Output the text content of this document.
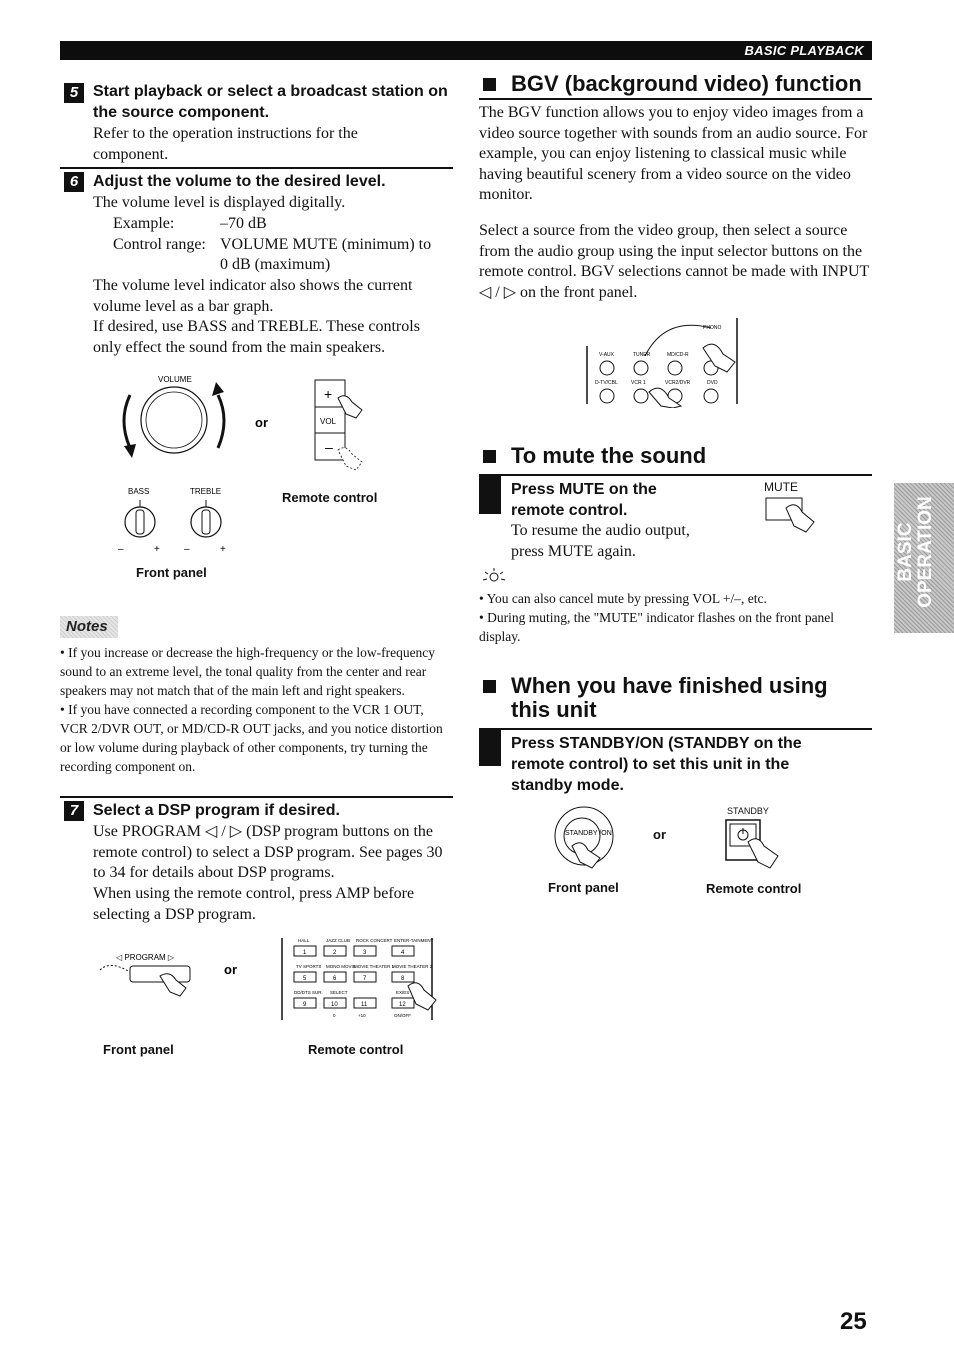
BASIC PLAYBACK
5 Start playback or select a broadcast station on the source component.
Refer to the operation instructions for the component.
6 Adjust the volume to the desired level.
The volume level is displayed digitally.
Example:	–70 dB
Control range: VOLUME MUTE (minimum) to
0 dB (maximum)
The volume level indicator also shows the current volume level as a bar graph.
If desired, use BASS and TREBLE. These controls only effect the sound from the main speakers.
VOLUME
or
+
VOL
–
BASS	TREBLE
–	+ –	+
Remote control
Front panel
Notes
• If you increase or decrease the high-frequency or the low-frequency sound to an extreme level, the tonal quality from the center and rear speakers may not match that of the main left and right speakers.
• If you have connected a recording component to the VCR 1 OUT, VCR 2/DVR OUT, or MD/CD-R OUT jacks, and you notice distortion or low volume during playback of other components, try turning the recording component on.
7 Select a DSP program if desired.
Use PROGRAM ◁ / ▷ (DSP program buttons on the remote control) to select a DSP program. See pages 30 to 34 for details about DSP programs.
When using the remote control, press AMP before selecting a DSP program.
◁ PROGRAM ▷
or
HALL	JAZZ CLUB ROCK CONCERT ENTER-TAINMENT
1	2	3	4
TV SPORTS MONO MOVIE
MOVIE THEATER 1
MOVIE THEATER 2
5	6	7	8
DD/DTS SUR. SELECT	EX/ES
9	10	11	12
0	+10	ON/OFF
Front panel	Remote control
BGV (background video) function
The BGV function allows you to enjoy video images from a video source together with sounds from an audio source. For example, you can enjoy listening to classical music while having beautiful scenery from a video source on the video monitor.
Select a source from the video group, then select a source from the audio group using the input selector buttons on the remote control. BGV selections cannot be made with INPUT ◁ / ▷ on the front panel.
PHONO
V-AUX	TUNER	MD/CD-R
D-TV/CBL	VCR 1	VCR2/DVR	DVD
To mute the sound
Press MUTE on the remote control.
To resume the audio output, press MUTE again.
MUTE
• You can also cancel mute by pressing VOL +/–, etc.
• During muting, the "MUTE" indicator flashes on the front panel display.
When you have finished using this unit
Press STANDBY/ON (STANDBY on the remote control) to set this unit in the standby mode.
STANDBY /ON	or
STANDBY
Front panel	Remote control
BASIC OPERATION
25
